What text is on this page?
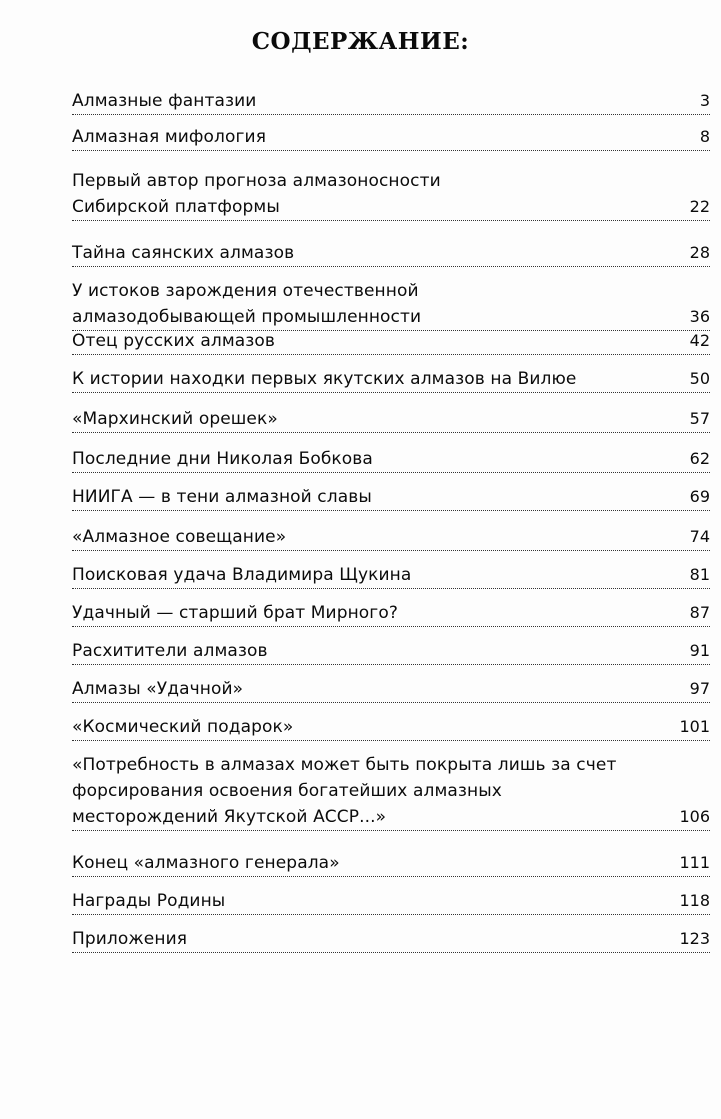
СОДЕРЖАНИЕ:
Алмазные фантазии	3
Алмазная мифология	8
Первый автор прогноза алмазоносности
Сибирской платформы	22
Тайна саянских алмазов	28
У истоков зарождения отечественной
алмазодобывающей промышленности	36
Отец русских алмазов	42
К истории находки первых якутских алмазов на Вилюе	50
«Мархинский орешек»	57
Последние дни Николая Бобкова	62
НИИГА — в тени алмазной славы	69
«Алмазное совещание»	74
Поисковая удача Владимира Щукина	81
Удачный — старший брат Мирного?	87
Расхитители алмазов	91
Алмазы «Удачной»	97
«Космический подарок»	101
«Потребность в алмазах может быть покрыта лишь за счет
форсирования освоения богатейших алмазных
месторождений Якутской АССР...»	106
Конец «алмазного генерала»	111
Награды Родины	118
Приложения	123
